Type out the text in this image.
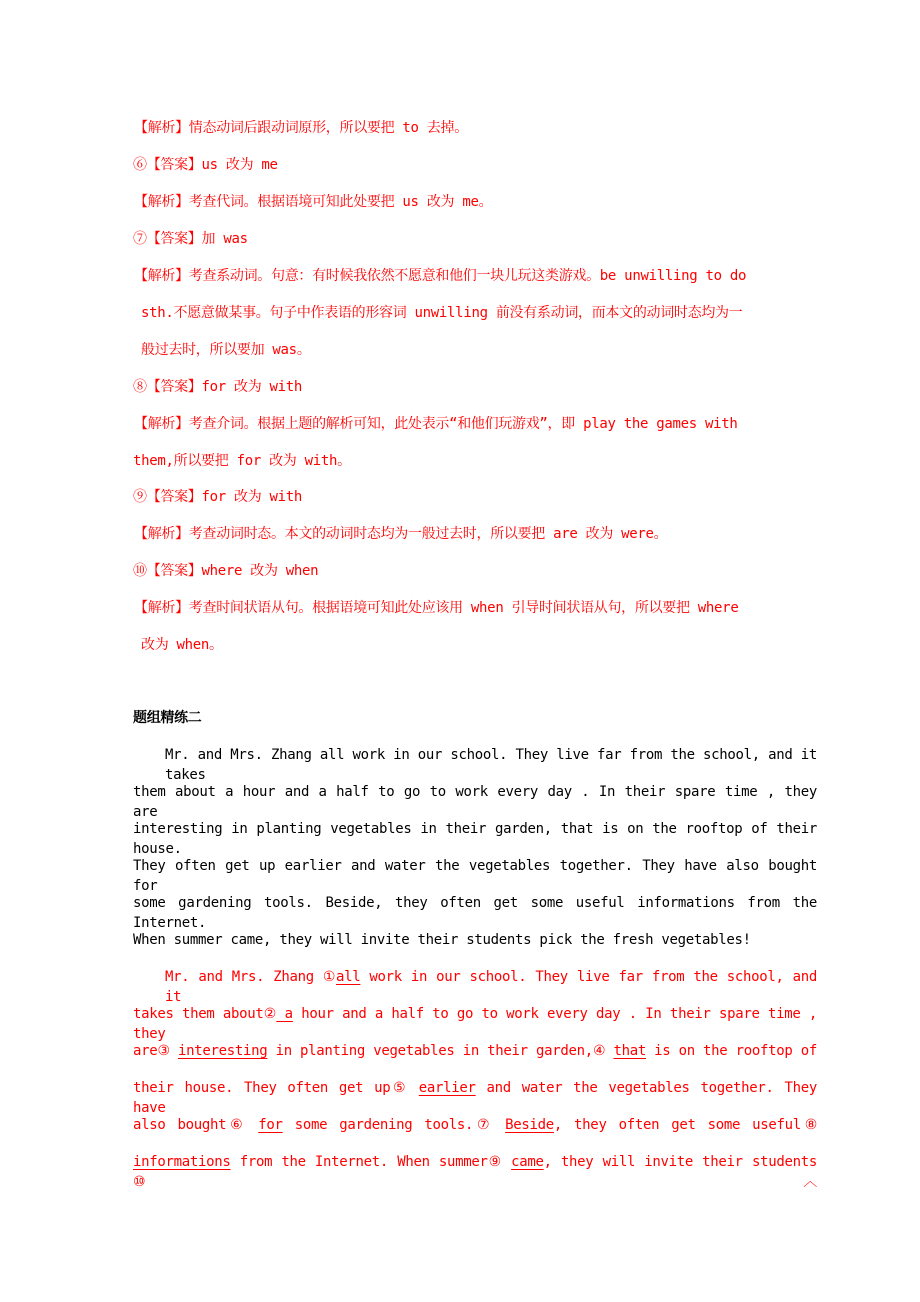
【解析】情态动词后跟动词原形，所以要把 to 去掉。
⑥【答案】us 改为 me
【解析】考查代词。根据语境可知此处要把 us 改为 me。
⑦【答案】加 was
【解析】考查系动词。句意：有时候我依然不愿意和他们一块儿玩这类游戏。be unwilling to do
sth.不愿意做某事。句子中作表语的形容词 unwilling 前没有系动词，而本文的动词时态均为一
般过去时，所以要加 was。
⑧【答案】for 改为 with
【解析】考查介词。根据上题的解析可知，此处表示“和他们玩游戏”，即 play the games with
them,所以要把 for 改为 with。
⑨【答案】for 改为 with
【解析】考查动词时态。本文的动词时态均为一般过去时，所以要把 are 改为 were。
⑩【答案】where 改为 when
【解析】考查时间状语从句。根据语境可知此处应该用 when 引导时间状语从句，所以要把 where
改为 when。
题组精练二
Mr. and Mrs. Zhang all work in our school. They live far from the school, and it takes
them about a hour and a half to go to work every day . In their spare time , they are
interesting in planting vegetables in their garden, that is on the rooftop of their house.
They often get up earlier and water the vegetables together. They have also bought for
some gardening tools. Beside, they often get some useful informations from the Internet.
When summer came, they will invite their students pick the fresh vegetables!
Mr. and Mrs. Zhang ①all work in our school. They live far from the school, and it
takes them about② a hour and a half to go to work every day . In their spare time , they
are③ interesting in planting vegetables in their garden,④ that is on the rooftop of
their house. They often get up⑤ earlier and water the vegetables together. They have
also bought⑥ for some gardening tools.⑦ Beside, they often get some useful⑧
informations from the Internet. When summer⑨ came, they will invite their students ⑩︿
